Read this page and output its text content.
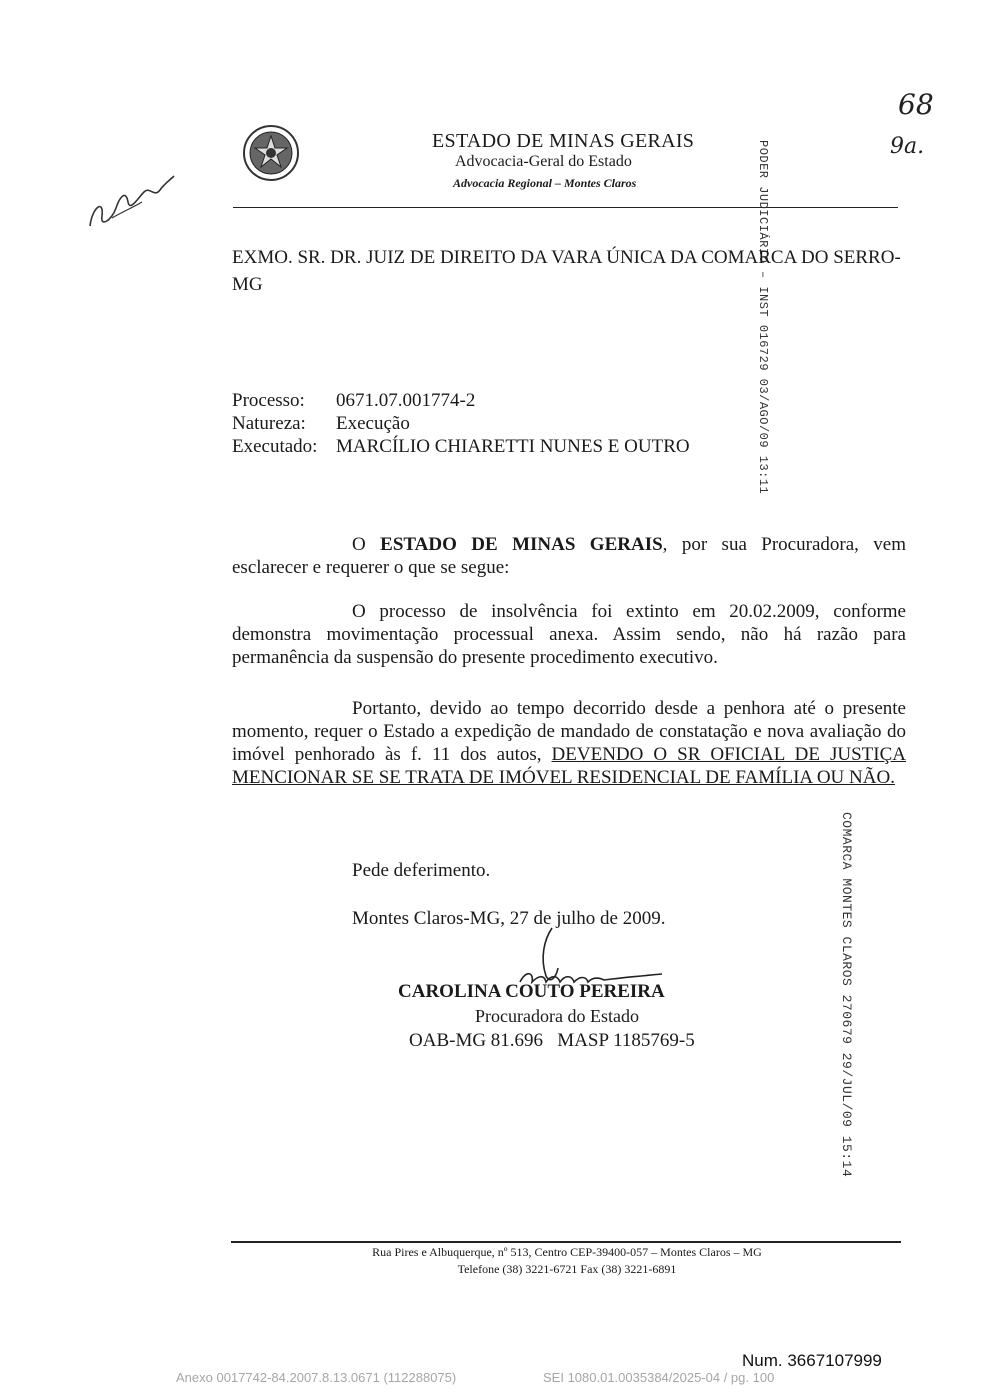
68
9a.
ESTADO DE MINAS GERAIS
Advocacia-Geral do Estado
Advocacia Regional – Montes Claros	PODER JUDICIÁRIO – INST 016729 03/AGO/09 13:11
EXMO. SR. DR. JUIZ DE DIREITO DA VARA ÚNICA DA COMARCA DO SERRO-MG
Processo:	0671.07.001774-2
Natureza:	Execução
Executado: MARCÍLIO CHIARETTI NUNES E OUTRO
O ESTADO DE MINAS GERAIS, por sua Procuradora, vem esclarecer e requerer o que se segue:
O processo de insolvência foi extinto em 20.02.2009, conforme demonstra movimentação processual anexa. Assim sendo, não há razão para permanência da suspensão do presente procedimento executivo.
Portanto, devido ao tempo decorrido desde a penhora até o presente momento, requer o Estado a expedição de mandado de constatação e nova avaliação do imóvel penhorado às f. 11 dos autos, DEVENDO O SR OFICIAL DE JUSTIÇA MENCIONAR SE SE TRATA DE IMÓVEL RESIDENCIAL DE FAMÍLIA OU NÃO.
COMARCA MONTES CLAROS 270679 29/JUL/09 15:14
Pede deferimento.
Montes Claros-MG, 27 de julho de 2009.
CAROLINA COUTO PEREIRA
Procuradora do Estado
OAB-MG 81.696   MASP 1185769-5
Rua Pires e Albuquerque, nº 513, Centro CEP-39400-057 – Montes Claros – MG
Telefone (38) 3221-6721 Fax (38) 3221-6891
Num. 3667107999
Anexo 0017742-84.2007.8.13.0671 (112288075)	SEI 1080.01.0035384/2025-04 / pg. 100
